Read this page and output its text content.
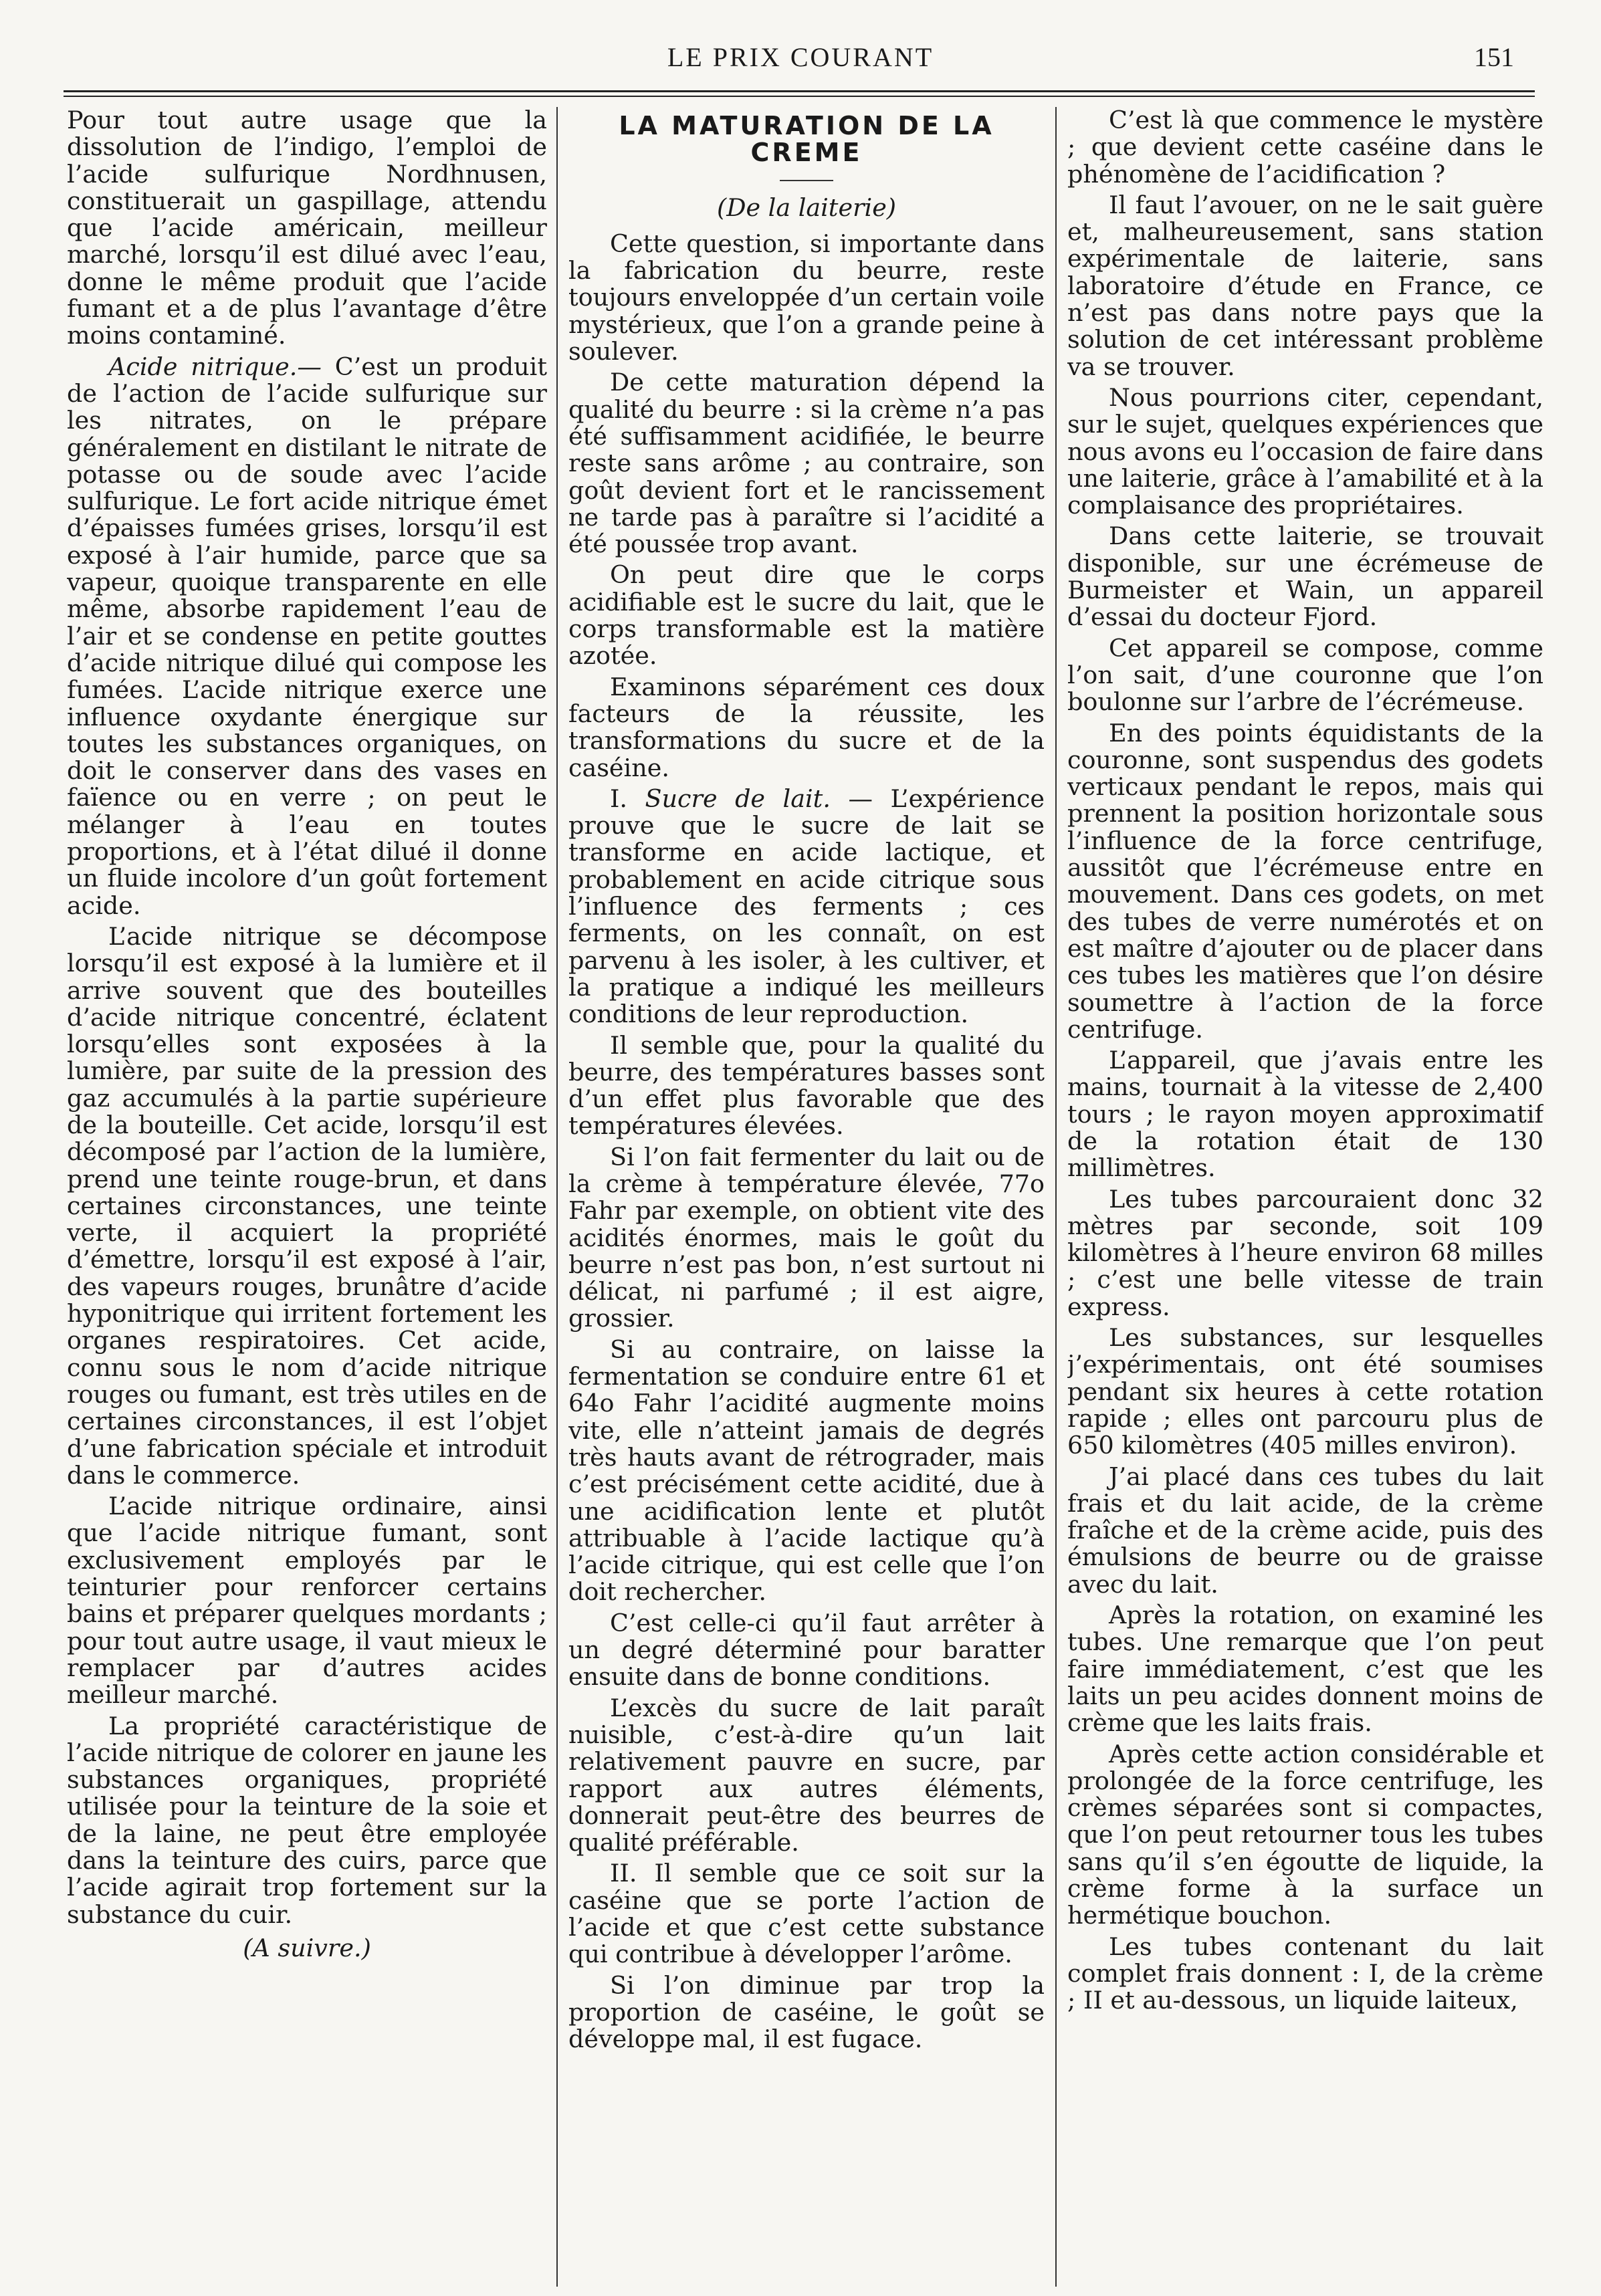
LE PRIX COURANT	151

Pour tout autre usage que la dissolution de l’indigo, l’emploi de l’acide sulfurique Nordhnusen, constituerait un gaspillage, attendu que l’acide américain, meilleur marché, lorsqu’il est dilué avec l’eau, donne le même produit que l’acide fumant et a de plus l’avantage d’être moins contaminé.

Acide nitrique.— C’est un produit de l’action de l’acide sulfurique sur les nitrates, on le prépare généralement en distilant le nitrate de potasse ou de soude avec l’acide sulfurique. Le fort acide nitrique émet d’épaisses fumées grises, lorsqu’il est exposé à l’air humide, parce que sa vapeur, quoique transparente en elle même, absorbe rapidement l’eau de l’air et se condense en petite gouttes d’acide nitrique dilué qui compose les fumées. L’acide nitrique exerce une influence oxydante énergique sur toutes les substances organiques, on doit le conserver dans des vases en faïence ou en verre ; on peut le mélanger à l’eau en toutes proportions, et à l’état dilué il donne un fluide incolore d’un goût fortement acide.

L’acide nitrique se décompose lorsqu’il est exposé à la lumière et il arrive souvent que des bouteilles d’acide nitrique concentré, éclatent lorsqu’elles sont exposées à la lumière, par suite de la pression des gaz accumulés à la partie supérieure de la bouteille. Cet acide, lorsqu’il est décomposé par l’action de la lumière, prend une teinte rouge-brun, et dans certaines circonstances, une teinte verte, il acquiert la propriété d’émettre, lorsqu’il est exposé à l’air, des vapeurs rouges, brunâtre d’acide hyponitrique qui irritent fortement les organes respiratoires. Cet acide, connu sous le nom d’acide nitrique rouges ou fumant, est très utiles en de certaines circonstances, il est l’objet d’une fabrication spéciale et introduit dans le commerce.

L’acide nitrique ordinaire, ainsi que l’acide nitrique fumant, sont exclusivement employés par le teinturier pour renforcer certains bains et préparer quelques mordants ; pour tout autre usage, il vaut mieux le remplacer par d’autres acides meilleur marché.

La propriété caractéristique de l’acide nitrique de colorer en jaune les substances organiques, propriété utilisée pour la teinture de la soie et de la laine, ne peut être employée dans la teinture des cuirs, parce que l’acide agirait trop fortement sur la substance du cuir.

(A suivre.)
LA MATURATION DE LA CREME

(De la laiterie)

Cette question, si importante dans la fabrication du beurre, reste toujours enveloppée d’un certain voile mystérieux, que l’on a grande peine à soulever.

De cette maturation dépend la qualité du beurre : si la crème n’a pas été suffisamment acidifiée, le beurre reste sans arôme ; au contraire, son goût devient fort et le rancissement ne tarde pas à paraître si l’acidité a été poussée trop avant.

On peut dire que le corps acidifiable est le sucre du lait, que le corps transformable est la matière azotée.

Examinons séparément ces doux facteurs de la réussite, les transformations du sucre et de la caséine.

I. Sucre de lait. — L’expérience prouve que le sucre de lait se transforme en acide lactique, et probablement en acide citrique sous l’influence des ferments ; ces ferments, on les connaît, on est parvenu à les isoler, à les cultiver, et la pratique a indiqué les meilleurs conditions de leur reproduction.

Il semble que, pour la qualité du beurre, des températures basses sont d’un effet plus favorable que des températures élevées.

Si l’on fait fermenter du lait ou de la crème à température élevée, 77o Fahr par exemple, on obtient vite des acidités énormes, mais le goût du beurre n’est pas bon, n’est surtout ni délicat, ni parfumé ; il est aigre, grossier.

Si au contraire, on laisse la fermentation se conduire entre 61 et 64o Fahr l’acidité augmente moins vite, elle n’atteint jamais de degrés très hauts avant de rétrograder, mais c’est précisément cette acidité, due à une acidification lente et plutôt attribuable à l’acide lactique qu’à l’acide citrique, qui est celle que l’on doit rechercher.

C’est celle-ci qu’il faut arrêter à un degré déterminé pour baratter ensuite dans de bonne conditions.

L’excès du sucre de lait paraît nuisible, c’est-à-dire qu’un lait relativement pauvre en sucre, par rapport aux autres éléments, donnerait peut-être des beurres de qualité préférable.

II. Il semble que ce soit sur la caséine que se porte l’action de l’acide et que c’est cette substance qui contribue à développer l’arôme.

Si l’on diminue par trop la proportion de caséine, le goût se développe mal, il est fugace.

C’est là que commence le mystère ; que devient cette caséine dans le phénomène de l’acidification ?

Il faut l’avouer, on ne le sait guère et, malheureusement, sans station expérimentale de laiterie, sans laboratoire d’étude en France, ce n’est pas dans notre pays que la solution de cet intéressant problème va se trouver.

Nous pourrions citer, cependant, sur le sujet, quelques expériences que nous avons eu l’occasion de faire dans une laiterie, grâce à l’amabilité et à la complaisance des propriétaires.

Dans cette laiterie, se trouvait disponible, sur une écrémeuse de Burmeister et Wain, un appareil d’essai du docteur Fjord.

Cet appareil se compose, comme l’on sait, d’une couronne que l’on boulonne sur l’arbre de l’écrémeuse.

En des points équidistants de la couronne, sont suspendus des godets verticaux pendant le repos, mais qui prennent la position horizontale sous l’influence de la force centrifuge, aussitôt que l’écrémeuse entre en mouvement. Dans ces godets, on met des tubes de verre numérotés et on est maître d’ajouter ou de placer dans ces tubes les matières que l’on désire soumettre à l’action de la force centrifuge.

L’appareil, que j’avais entre les mains, tournait à la vitesse de 2,400 tours ; le rayon moyen approximatif de la rotation était de 130 millimètres.

Les tubes parcouraient donc 32 mètres par seconde, soit 109 kilomètres à l’heure environ 68 milles ; c’est une belle vitesse de train express.

Les substances, sur lesquelles j’expérimentais, ont été soumises pendant six heures à cette rotation rapide ; elles ont parcouru plus de 650 kilomètres (405 milles environ).

J’ai placé dans ces tubes du lait frais et du lait acide, de la crème fraîche et de la crème acide, puis des émulsions de beurre ou de graisse avec du lait.

Après la rotation, on examiné les tubes. Une remarque que l’on peut faire immédiatement, c’est que les laits un peu acides donnent moins de crème que les laits frais.

Après cette action considérable et prolongée de la force centrifuge, les crèmes séparées sont si compactes, que l’on peut retourner tous les tubes sans qu’il s’en égoutte de liquide, la crème forme à la surface un hermétique bouchon.

Les tubes contenant du lait complet frais donnent : I, de la crème ; II et au-dessous, un liquide laiteux,
